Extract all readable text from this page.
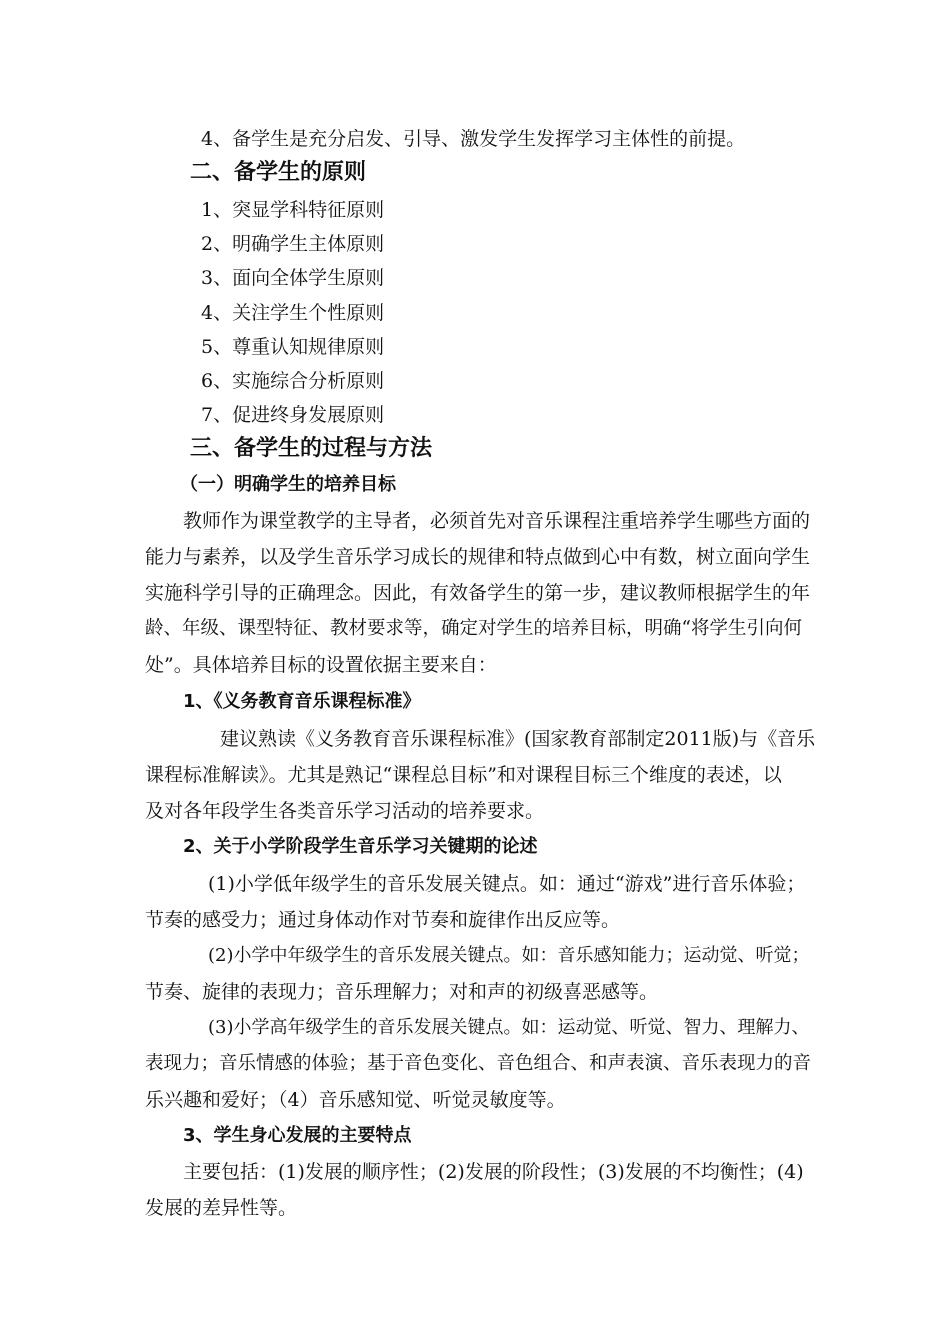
4、备学生是充分启发、引导、激发学生发挥学习主体性的前提。
二、备学生的原则
1、突显学科特征原则
2、明确学生主体原则
3、面向全体学生原则
4、关注学生个性原则
5、尊重认知规律原则
6、实施综合分析原则
7、促进终身发展原则
三、备学生的过程与方法
（一）明确学生的培养目标
教师作为课堂教学的主导者，必须首先对音乐课程注重培养学生哪些方面的
能力与素养，以及学生音乐学习成长的规律和特点做到心中有数，树立面向学生
实施科学引导的正确理念。因此，有效备学生的第一步，建议教师根据学生的年
龄、年级、课型特征、教材要求等，确定对学生的培养目标，明确“将学生引向何
处”。具体培养目标的设置依据主要来自：
1、《义务教育音乐课程标准》
建议熟读《义务教育音乐课程标准》(国家教育部制定2011版)与《音乐
课程标准解读》。尤其是熟记“课程总目标”和对课程目标三个维度的表述，以
及对各年段学生各类音乐学习活动的培养要求。
2、关于小学阶段学生音乐学习关键期的论述
(1)小学低年级学生的音乐发展关键点。如：通过“游戏”进行音乐体验；
节奏的感受力；通过身体动作对节奏和旋律作出反应等。
(2)小学中年级学生的音乐发展关键点。如：音乐感知能力；运动觉、听觉；
节奏、旋律的表现力；音乐理解力；对和声的初级喜恶感等。
(3)小学高年级学生的音乐发展关键点。如：运动觉、听觉、智力、理解力、
表现力；音乐情感的体验；基于音色变化、音色组合、和声表演、音乐表现力的音
乐兴趣和爱好；（4）音乐感知觉、听觉灵敏度等。
3、学生身心发展的主要特点
主要包括：(1)发展的顺序性；(2)发展的阶段性；(3)发展的不均衡性；(4)
发展的差异性等。
